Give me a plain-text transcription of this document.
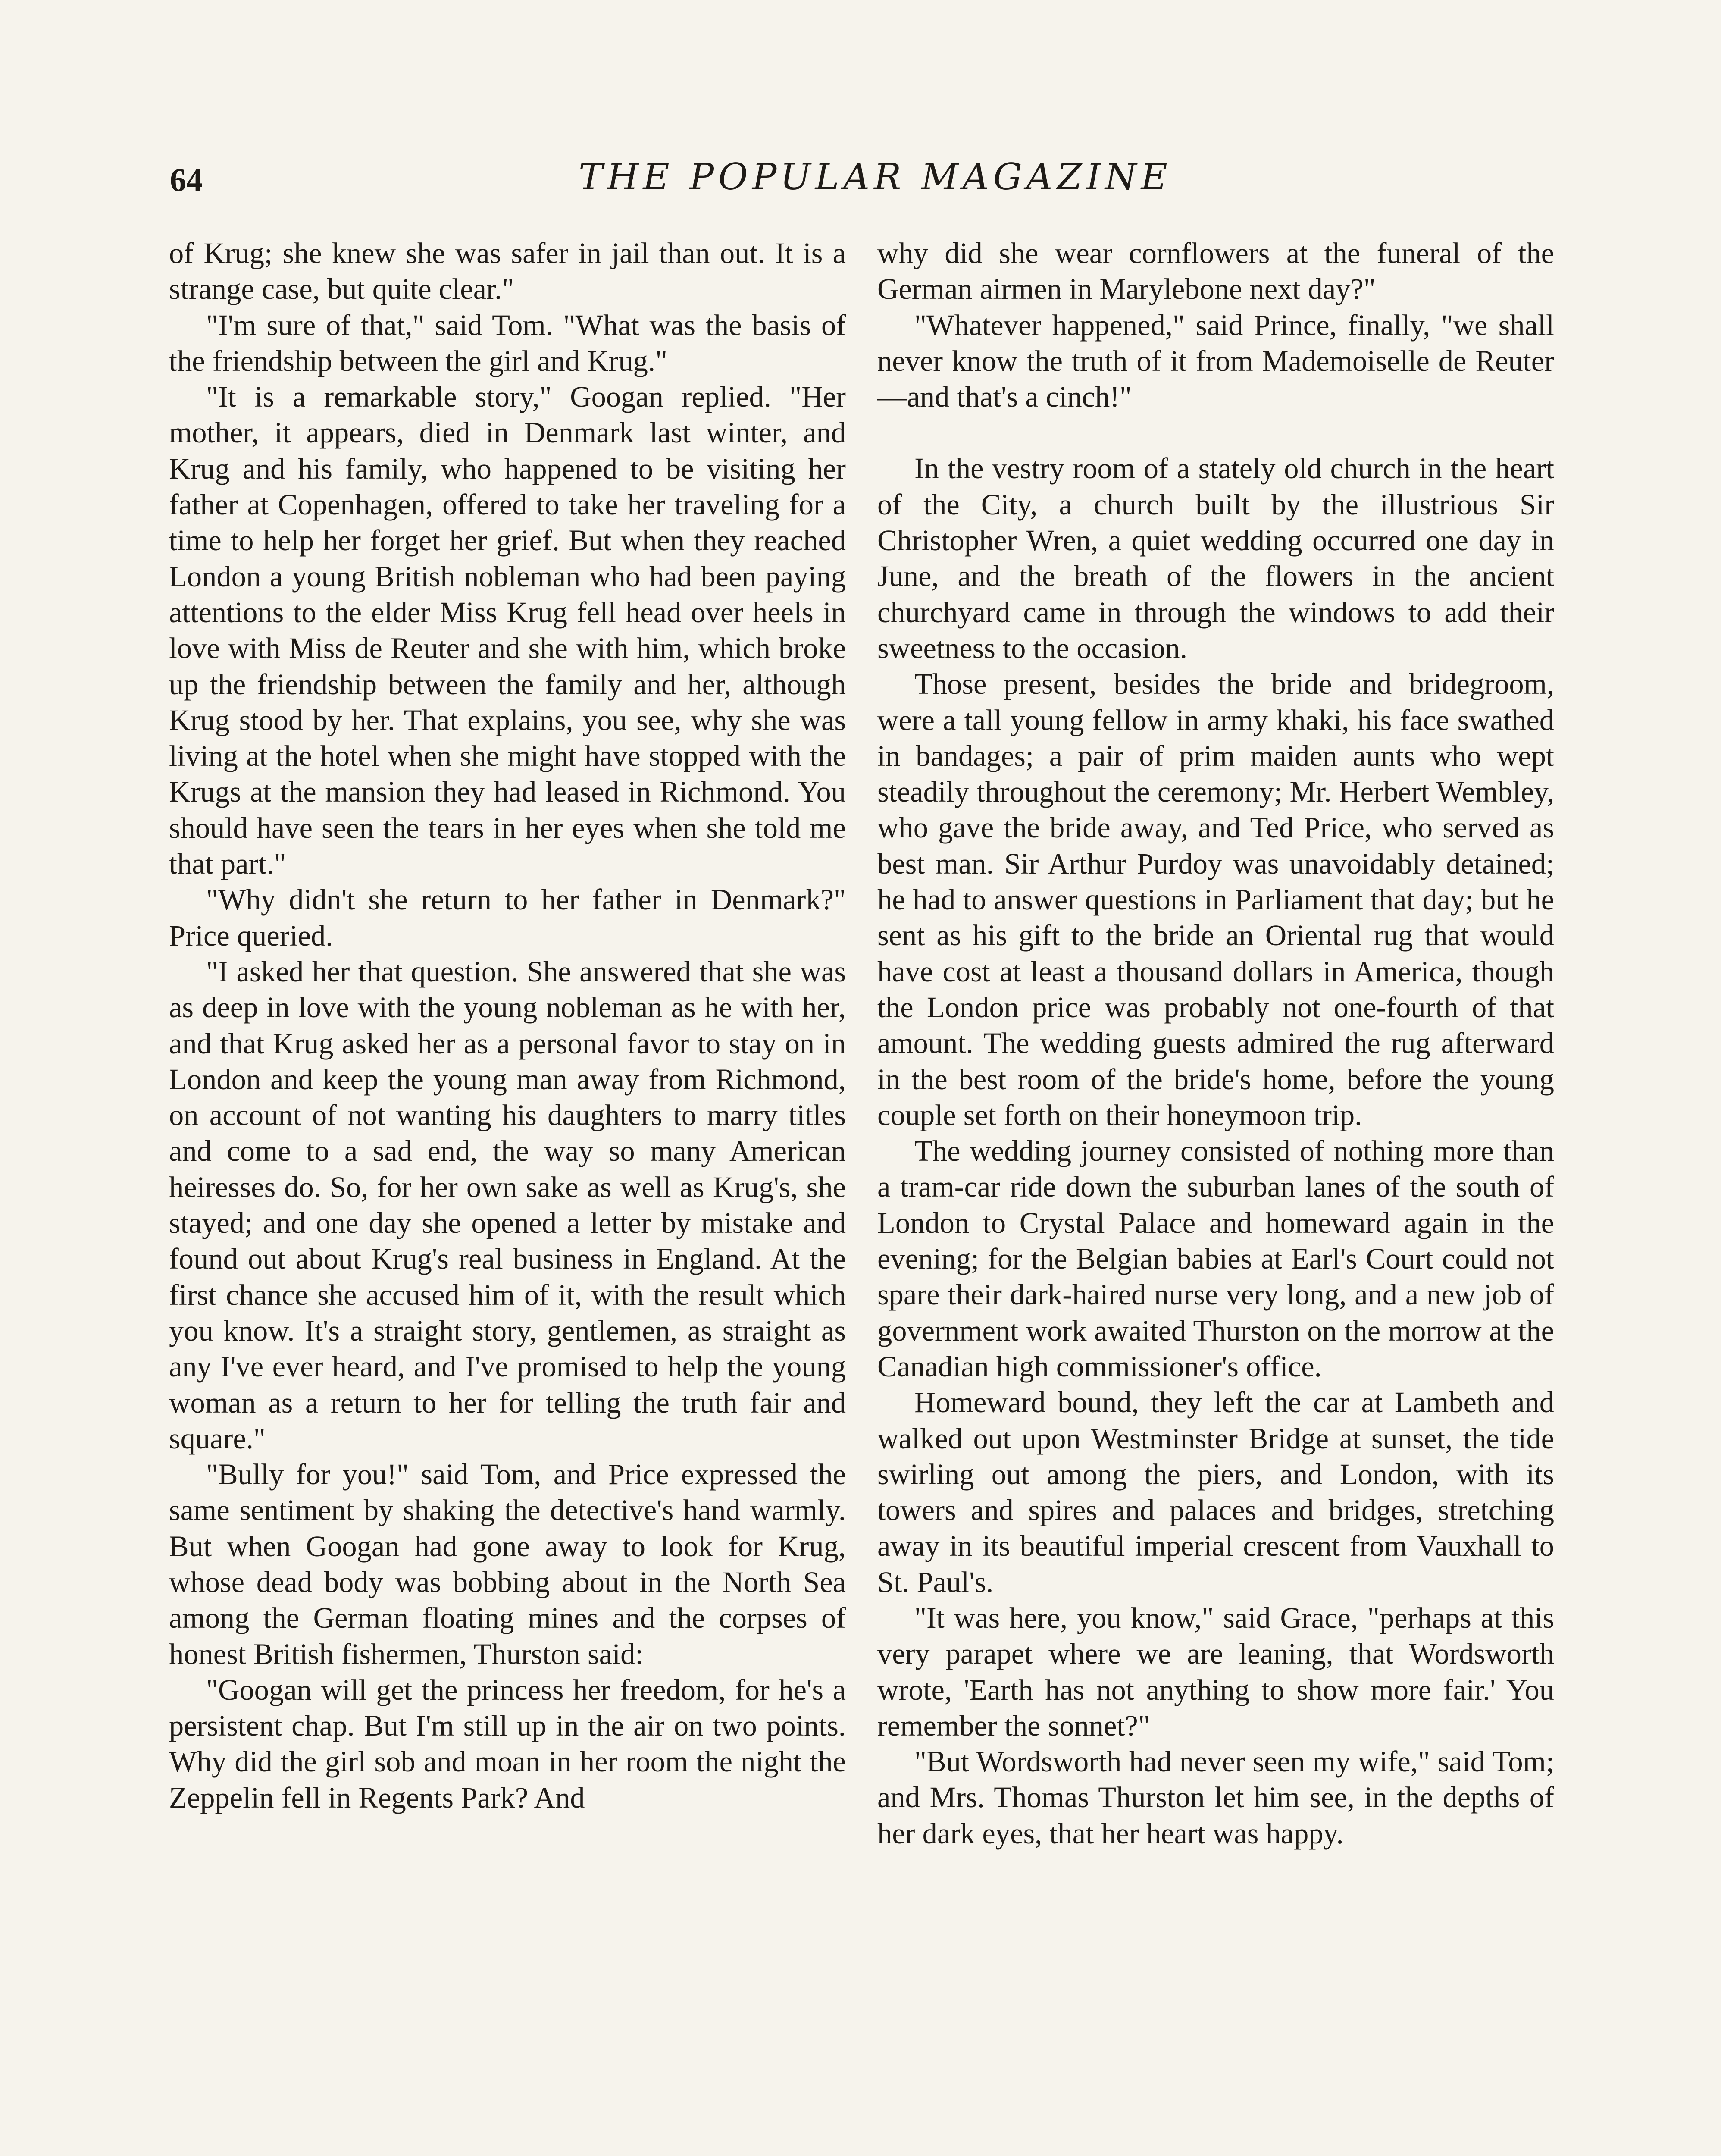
64	THE POPULAR MAGAZINE

of Krug; she knew she was safer in jail than out. It is a strange case, but quite clear."

"I'm sure of that," said Tom. "What was the basis of the friendship between the girl and Krug."

"It is a remarkable story," Googan replied. "Her mother, it appears, died in Denmark last winter, and Krug and his family, who happened to be visiting her father at Copenhagen, offered to take her traveling for a time to help her forget her grief. But when they reached London a young British nobleman who had been paying attentions to the elder Miss Krug fell head over heels in love with Miss de Reuter and she with him, which broke up the friendship between the family and her, although Krug stood by her. That explains, you see, why she was living at the hotel when she might have stopped with the Krugs at the mansion they had leased in Richmond. You should have seen the tears in her eyes when she told me that part."

"Why didn't she return to her father in Denmark?" Price queried.

"I asked her that question. She answered that she was as deep in love with the young nobleman as he with her, and that Krug asked her as a personal favor to stay on in London and keep the young man away from Richmond, on account of not wanting his daughters to marry titles and come to a sad end, the way so many American heiresses do. So, for her own sake as well as Krug's, she stayed; and one day she opened a letter by mistake and found out about Krug's real business in England. At the first chance she accused him of it, with the result which you know. It's a straight story, gentlemen, as straight as any I've ever heard, and I've promised to help the young woman as a return to her for telling the truth fair and square."

"Bully for you!" said Tom, and Price expressed the same sentiment by shaking the detective's hand warmly. But when Googan had gone away to look for Krug, whose dead body was bobbing about in the North Sea among the German floating mines and the corpses of honest British fishermen, Thurston said:

"Googan will get the princess her freedom, for he's a persistent chap. But I'm still up in the air on two points. Why did the girl sob and moan in her room the night the Zeppelin fell in Regents Park? And

why did she wear cornflowers at the funeral of the German airmen in Marylebone next day?"

"Whatever happened," said Prince, finally, "we shall never know the truth of it from Mademoiselle de Reuter—and that's a cinch!"

In the vestry room of a stately old church in the heart of the City, a church built by the illustrious Sir Christopher Wren, a quiet wedding occurred one day in June, and the breath of the flowers in the ancient churchyard came in through the windows to add their sweetness to the occasion.

Those present, besides the bride and bridegroom, were a tall young fellow in army khaki, his face swathed in bandages; a pair of prim maiden aunts who wept steadily throughout the ceremony; Mr. Herbert Wembley, who gave the bride away, and Ted Price, who served as best man. Sir Arthur Purdoy was unavoidably detained; he had to answer questions in Parliament that day; but he sent as his gift to the bride an Oriental rug that would have cost at least a thousand dollars in America, though the London price was probably not one-fourth of that amount. The wedding guests admired the rug afterward in the best room of the bride's home, before the young couple set forth on their honeymoon trip.

The wedding journey consisted of nothing more than a tram-car ride down the suburban lanes of the south of London to Crystal Palace and homeward again in the evening; for the Belgian babies at Earl's Court could not spare their dark-haired nurse very long, and a new job of government work awaited Thurston on the morrow at the Canadian high commissioner's office.

Homeward bound, they left the car at Lambeth and walked out upon Westminster Bridge at sunset, the tide swirling out among the piers, and London, with its towers and spires and palaces and bridges, stretching away in its beautiful imperial crescent from Vauxhall to St. Paul's.

"It was here, you know," said Grace, "perhaps at this very parapet where we are leaning, that Wordsworth wrote, 'Earth has not anything to show more fair.' You remember the sonnet?"

"But Wordsworth had never seen my wife," said Tom; and Mrs. Thomas Thurston let him see, in the depths of her dark eyes, that her heart was happy.
